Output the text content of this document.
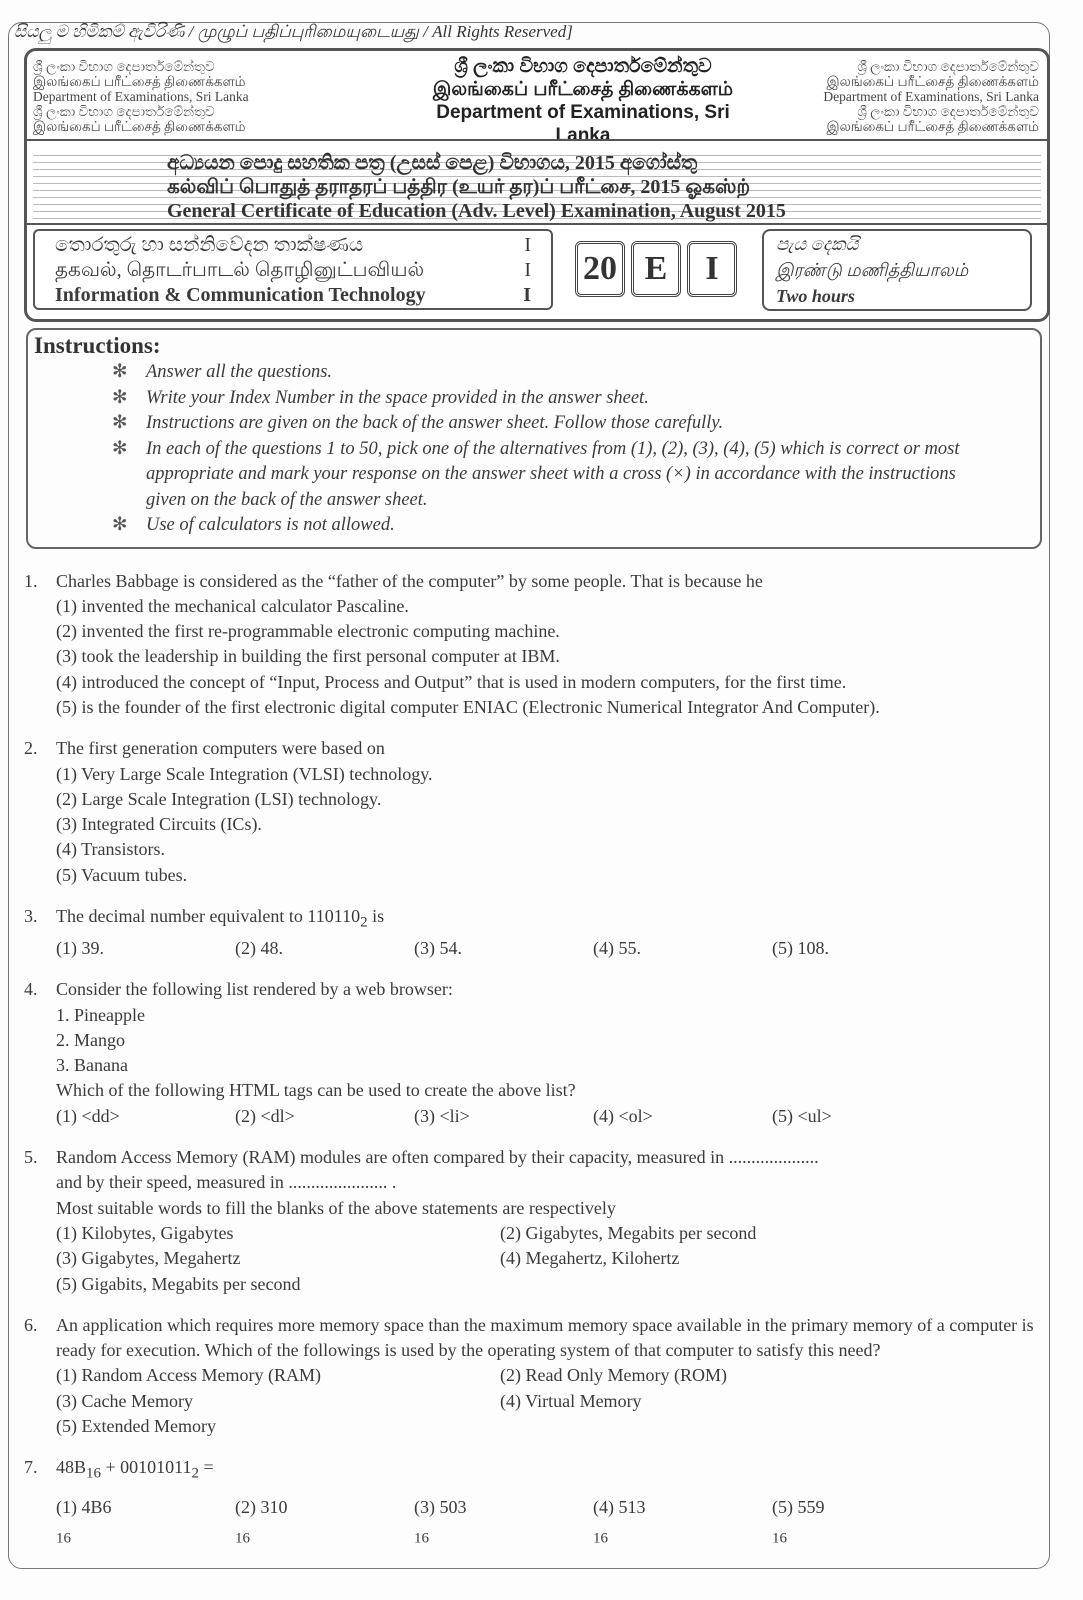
සියලු ම හිමිකම් ඇවිරිණි / முழுப் பதிப்புரிமையுடையது / All Rights Reserved]
ශ්‍රී ලංකා විභාග දෙපාර්තමේන්තුව
இலங்கைப் பரீட்சைத் திணைக்களம்
Department of Examinations, Sri Lanka
ශ්‍රී ලංකා විභාග දෙපාර්තමේන්තුව
இலங்கைப் பரீட்சைத் திணைக்களம்
ශ්‍රී ලංකා විභාග දෙපාර්තමේන්තුව
இலங்கைப் பரீட்சைத் திணைக்களம்
Department of Examinations, Sri Lanka
ශ්‍රී ලංකා විභාග දෙපාර්තමේන්තුව
இலங்கைப் பரீட்சைத் திணைக்களம்
Department of Examinations, Sri Lanka
ශ්‍රී ලංකා විභාග දෙපාර්තමේන්තුව
இலங்கைப் பரீட்சைத் திணைக்களம்
අධ්‍යයන පොදු සහතික පත්‍ර (උසස් පෙළ) විභාගය, 2015 අගෝස්තු
கல்விப் பொதுத் தராதரப் பத்திர (உயர் தர)ப் பரீட்சை, 2015 ஓகஸ்ற்
General Certificate of Education (Adv. Level) Examination, August 2015
තොරතුරු හා සන්නිවේදන තාක්ෂණය	I
தகவல், தொடர்பாடல் தொழினுட்பவியல்	I
Information & Communication Technology	I
20 E	I
පැය දෙකයි
இரண்டு மணித்தியாலம்
Two hours
Instructions:
✻ Answer all the questions.
✻ Write your Index Number in the space provided in the answer sheet.
✻ Instructions are given on the back of the answer sheet. Follow those carefully.
✻ In each of the questions 1 to 50, pick one of the alternatives from (1), (2), (3), (4), (5) which is correct or most appropriate and mark your response on the answer sheet with a cross (×) in accordance with the instructions given on the back of the answer sheet.
✻ Use of calculators is not allowed.
1.	Charles Babbage is considered as the “father of the computer” by some people. That is because he
(1) invented the mechanical calculator Pascaline.
(2) invented the first re-programmable electronic computing machine.
(3) took the leadership in building the first personal computer at IBM.
(4) introduced the concept of “Input, Process and Output” that is used in modern computers, for the first time.
(5) is the founder of the first electronic digital computer ENIAC (Electronic Numerical Integrator And Computer).
2.	The first generation computers were based on
(1) Very Large Scale Integration (VLSI) technology.
(2) Large Scale Integration (LSI) technology.
(3) Integrated Circuits (ICs).
(4) Transistors.
(5) Vacuum tubes.
3.	The decimal number equivalent to $110110_2$ is
(1) 39.	(2) 48.	(3) 54.	(4) 55.	(5) 108.
4.	Consider the following list rendered by a web browser:
1. Pineapple
2. Mango
3. Banana
Which of the following HTML tags can be used to create the above list?
(1) <dd>	(2) <dl>	(3) <li>	(4) <ol>	(5) <ul>
5.	Random Access Memory (RAM) modules are often compared by their capacity, measured in ....................
and by their speed, measured in ...................... .
Most suitable words to fill the blanks of the above statements are respectively
(1) Kilobytes, Gigabytes	(2) Gigabytes, Megabits per second
(3) Gigabytes, Megahertz	(4) Megahertz, Kilohertz
(5) Gigabits, Megabits per second
6.	An application which requires more memory space than the maximum memory space available in the primary memory of a computer is ready for execution. Which of the followings is used by the operating system of that computer to satisfy this need?
(1) Random Access Memory (RAM)	(2) Read Only Memory (ROM)
(3) Cache Memory	(4) Virtual Memory
(5) Extended Memory
7.	$48B_{16} + 00101011_2$ =
(1) 4B6
$_{16}$
(2) 310
$_{16}$
(3) 503
$_{16}$
(4) 513
$_{16}$
(5) 559
$_{16}$
